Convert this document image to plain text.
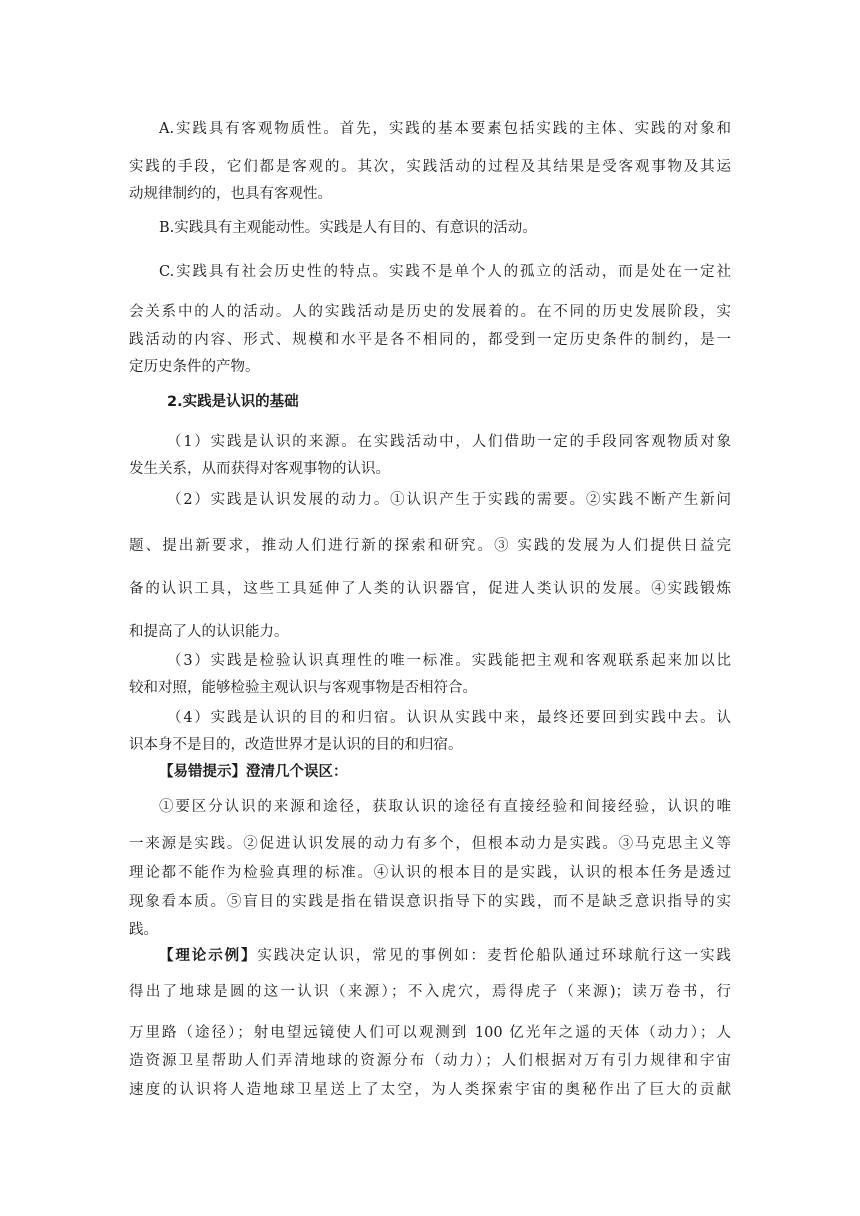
A.实践具有客观物质性。首先，实践的基本要素包括实践的主体、实践的对象和
实践的手段，它们都是客观的。其次，实践活动的过程及其结果是受客观事物及其运
动规律制约的，也具有客观性。
B.实践具有主观能动性。实践是人有目的、有意识的活动。
C.实践具有社会历史性的特点。实践不是单个人的孤立的活动，而是处在一定社
会关系中的人的活动。人的实践活动是历史的发展着的。在不同的历史发展阶段，实
践活动的内容、形式、规模和水平是各不相同的，都受到一定历史条件的制约，是一
定历史条件的产物。
2.实践是认识的基础
（1）实践是认识的来源。在实践活动中，人们借助一定的手段同客观物质对象
发生关系，从而获得对客观事物的认识。
（2）实践是认识发展的动力。①认识产生于实践的需要。②实践不断产生新问
题、提出新要求，推动人们进行新的探索和研究。③ 实践的发展为人们提供日益完
备的认识工具，这些工具延伸了人类的认识器官，促进人类认识的发展。④实践锻炼
和提高了人的认识能力。
（3）实践是检验认识真理性的唯一标准。实践能把主观和客观联系起来加以比
较和对照，能够检验主观认识与客观事物是否相符合。
（4）实践是认识的目的和归宿。认识从实践中来，最终还要回到实践中去。认
识本身不是目的，改造世界才是认识的目的和归宿。
【易错提示】澄清几个误区：
①要区分认识的来源和途径，获取认识的途径有直接经验和间接经验，认识的唯
一来源是实践。②促进认识发展的动力有多个，但根本动力是实践。③马克思主义等
理论都不能作为检验真理的标准。④认识的根本目的是实践，认识的根本任务是透过
现象看本质。⑤盲目的实践是指在错误意识指导下的实践，而不是缺乏意识指导的实
践。
【理论示例】实践决定认识，常见的事例如：麦哲伦船队通过环球航行这一实践
得出了地球是圆的这一认识（来源）；不入虎穴，焉得虎子（来源)；读万卷书，行
万里路（途径）；射电望远镜使人们可以观测到 100 亿光年之遥的天体（动力）；人
造资源卫星帮助人们弄清地球的资源分布（动力）；人们根据对万有引力规律和宇宙
速度的认识将人造地球卫星送上了太空，为人类探索宇宙的奥秘作出了巨大的贡献
